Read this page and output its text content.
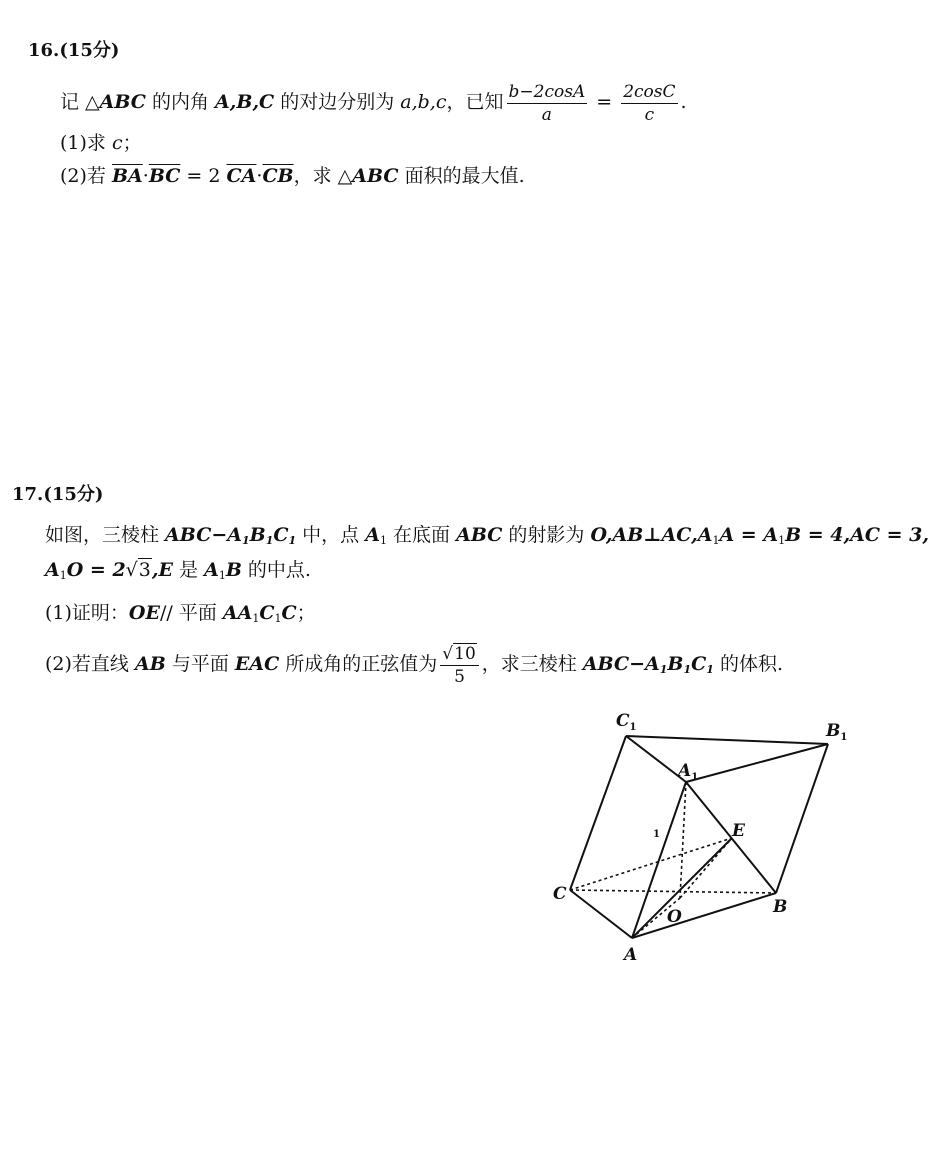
16.(15分)
记 △ABC 的内角 A,B,C 的对边分别为 a,b,c，已知 $\frac{b-2\cos A}{a} = \frac{2\cos C}{c}$ .
(1)求 c；
(2)若 $\overline{BA}\cdot\overline{BC} = 2$ $\overline{CA}\cdot\overline{CB}$，求 △ABC 面积的最大值.
17.(15分)
如图，三棱柱 $ABC-A_1B_1C_1$ 中，点 $A_1$ 在底面 ABC 的射影为 $O,AB\perp AC,A_1A = A_1B = 4,AC = 3$,
$A_1O = 2√3,E$ 是 $A_1B$ 的中点.
(1)证明：OE// 平面 $AA_1C_1C$；
(2)若直线 AB 与平面 EAC 所成角的正弦值为 $\frac{√10}{5}$ ，求三棱柱 $ABC-A_1B_1C_1$ 的体积.
$C_1$	$B_1$
$A_1$
E
C
O	B
A
1
